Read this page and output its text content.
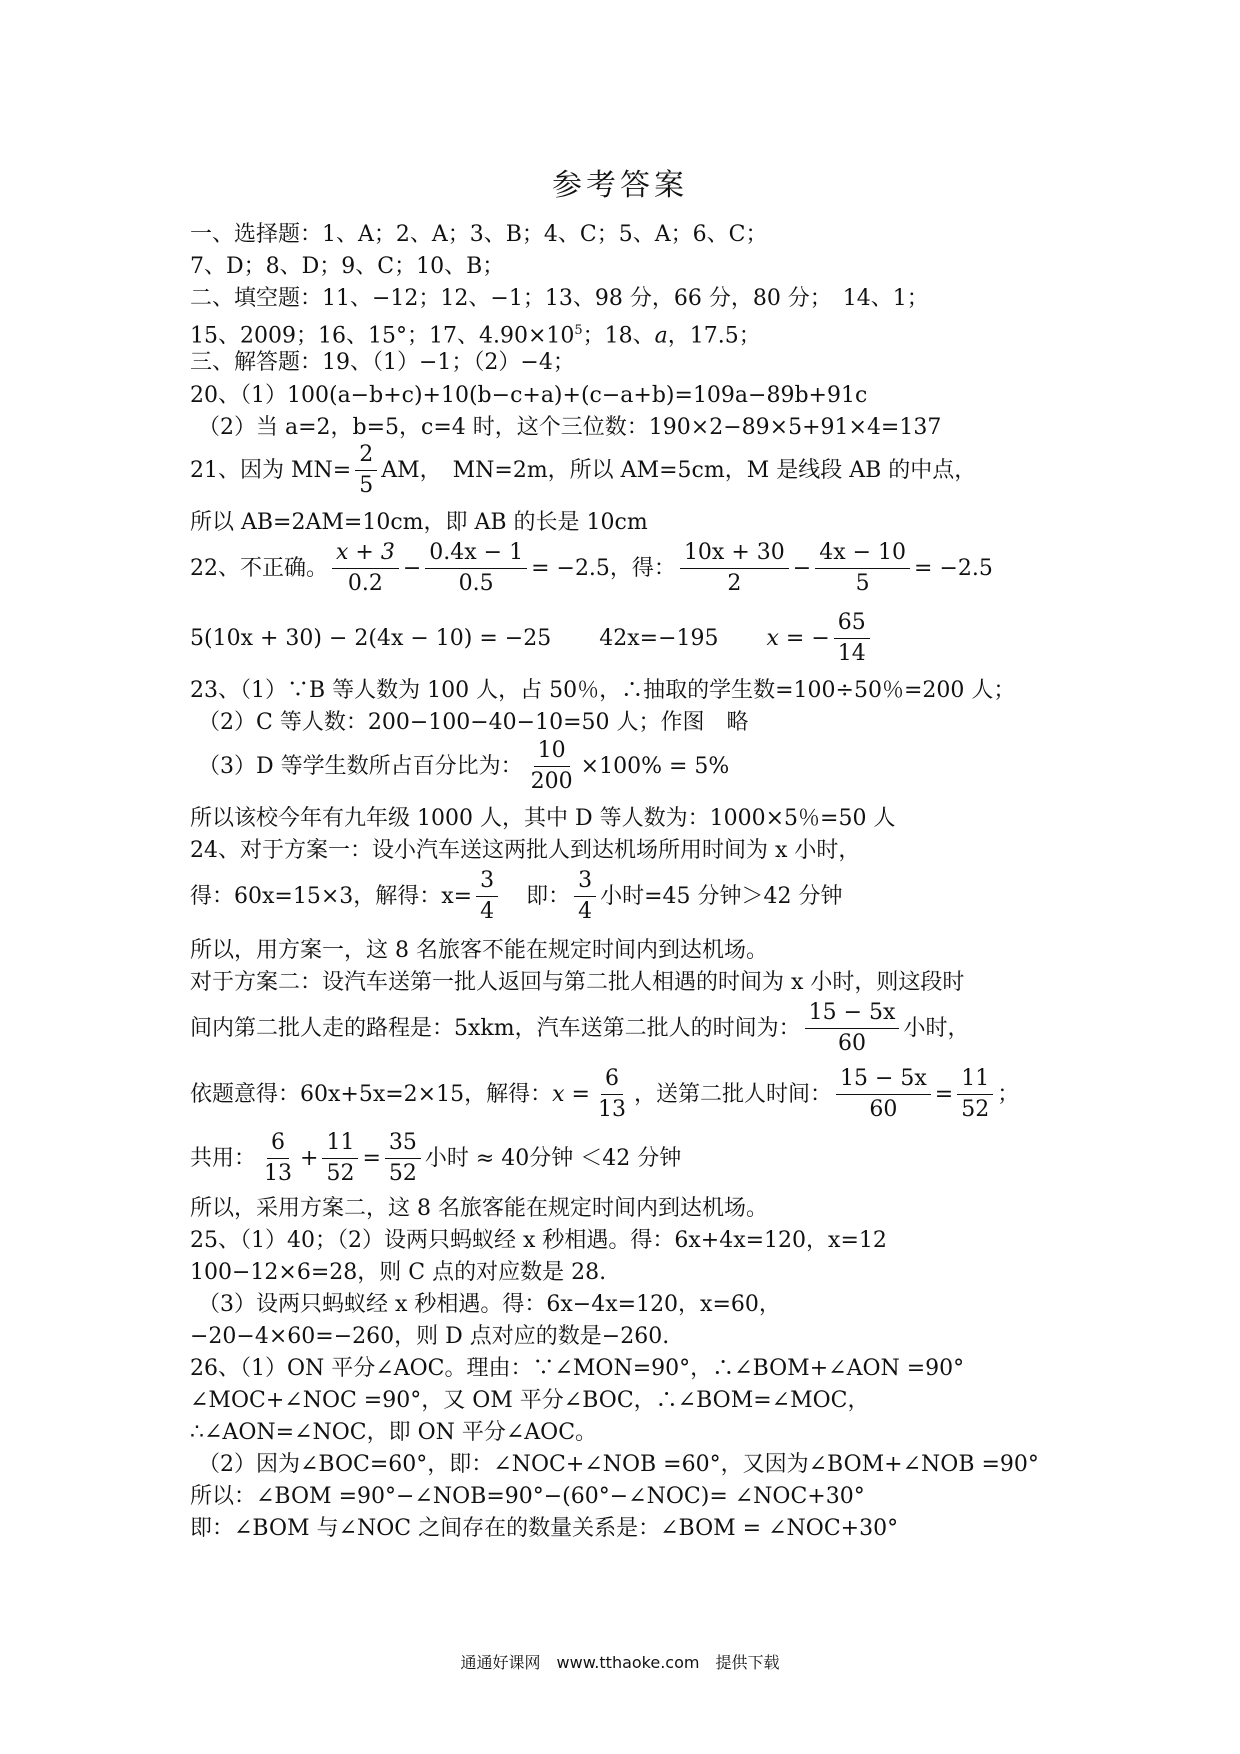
参考答案
一、选择题：1、A；2、A；3、B；4、C；5、A；6、C；
7、D；8、D；9、C；10、B；
二、填空题：11、−12；12、−1；13、98 分，66 分，80 分；　14、1；
15、2009；16、15°；17、$4.90\times 10^5$；18、a，17.5；
三、解答题：19、（1）−1；（2）−4；
20、（1）100(a−b+c)+10(b−c+a)+(c−a+b)=109a−89b+91c
（2）当 a=2，b=5，c=4 时，这个三位数：190×2−89×5+91×4=137
21、因为 $MN= \frac{2}{5}$ AM，　MN=2m，所以 AM=5cm，M 是线段 AB 的中点，
所以 AB=2AM=10cm，即 AB 的长是 10cm
22、不正确。 $\frac{x + 3}{0.2} - \frac{0.4x - 1}{0.5} = -2.5$，得： $\frac{10x + 30}{2} - \frac{4x - 10}{5} = -2.5$
5(10x + 30) − 2(4x − 10) = −25 42x=−195 x = − $\frac{65}{14}$
23、（1）∵B 等人数为 100 人，占 50％，∴抽取的学生数=100÷50％=200 人；
（2）C 等人数：200−100−40−10=50 人；作图　略
（3）D 等学生数所占百分比为： $\frac{10}{200} \times 100\% = 5\%$
所以该校今年有九年级 1000 人，其中 D 等人数为：1000×5％=50 人
24、对于方案一：设小汽车送这两批人到达机场所用时间为 x 小时，
得：60x=15×3，解得：$x= \frac{3}{4}$ 即： $\frac{3}{4}$ 小时=45 分钟＞42 分钟
所以，用方案一，这 8 名旅客不能在规定时间内到达机场。
对于方案二：设汽车送第一批人返回与第二批人相遇的时间为 x 小时，则这段时
间内第二批人走的路程是：5xkm，汽车送第二批人的时间为： $\frac{15 - 5x}{60}$ 小时，
依题意得：60x+5x=2×15，解得： $x = \frac{6}{13}$ ，送第二批人时间： $\frac{15 - 5x}{60} = \frac{11}{52}$ ；
共用： $\frac{6}{13} + \frac{11}{52} = \frac{35}{52}$ 小时 ≈ 40分钟 ＜42 分钟
所以，采用方案二，这 8 名旅客能在规定时间内到达机场。
25、（1）40；（2）设两只蚂蚁经 x 秒相遇。得：6x+4x=120，x=12
100−12×6=28，则 C 点的对应数是 28.
（3）设两只蚂蚁经 x 秒相遇。得：6x−4x=120，x=60，
−20−4×60=−260，则 D 点对应的数是−260.
26、（1）ON 平分∠AOC。理由：∵∠MON=90°，∴∠BOM+∠AON =90°
∠MOC+∠NOC =90°，又 OM 平分∠BOC，∴∠BOM=∠MOC，
∴∠AON=∠NOC，即 ON 平分∠AOC。
（2）因为∠BOC=60°，即：∠NOC+∠NOB =60°，又因为∠BOM+∠NOB =90°
所以：∠BOM =90°−∠NOB=90°−(60°−∠NOC)= ∠NOC+30°
即：∠BOM 与∠NOC 之间存在的数量关系是：∠BOM = ∠NOC+30°
通通好课网　www.tthaoke.com　提供下载
